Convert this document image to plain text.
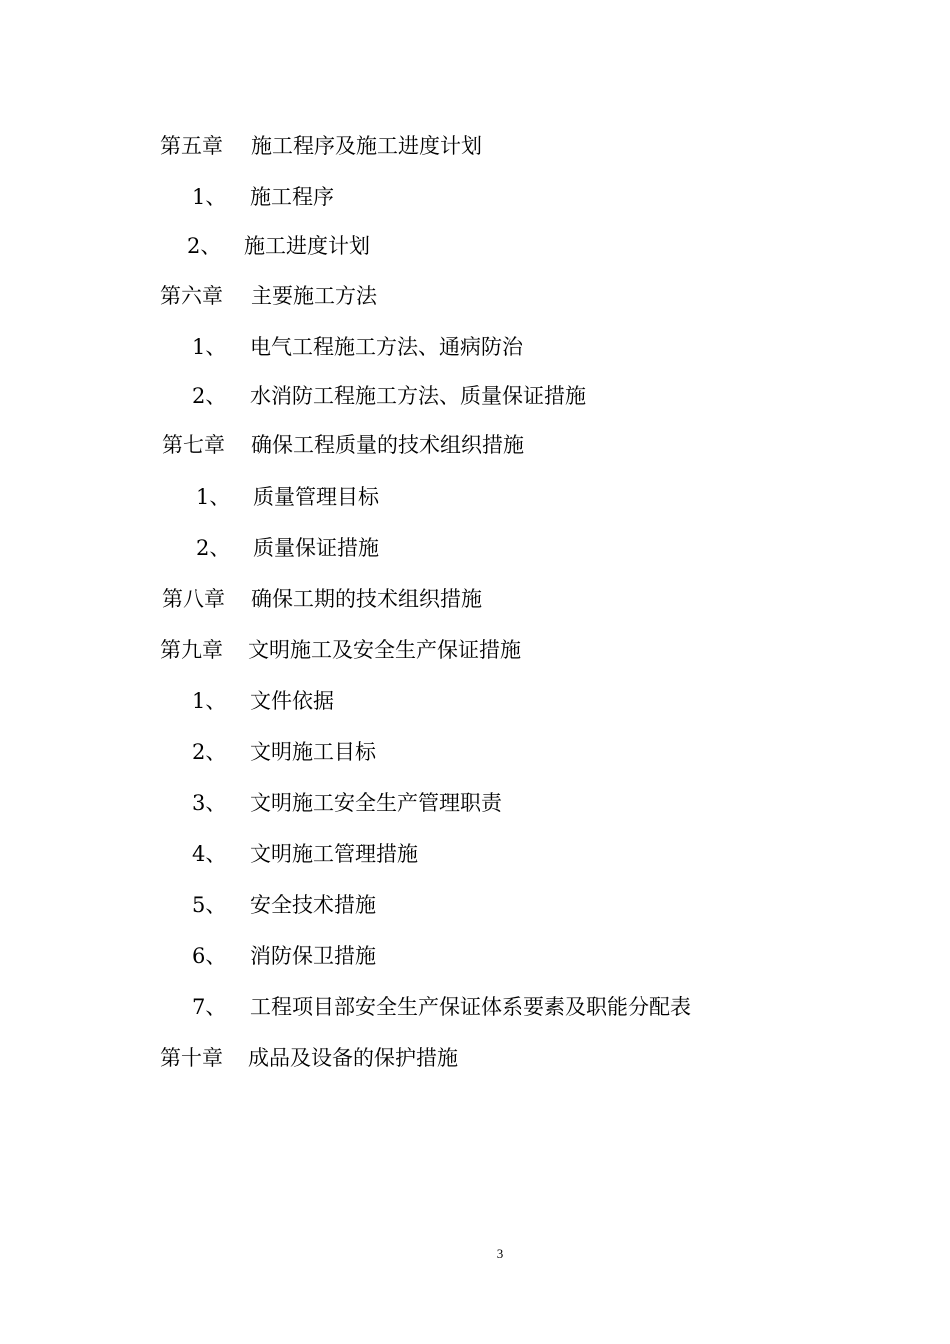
第五章 施工程序及施工进度计划
1、 施工程序
2、 施工进度计划
第六章 主要施工方法
1、 电气工程施工方法、通病防治
2、 水消防工程施工方法、质量保证措施
第七章 确保工程质量的技术组织措施
1、 质量管理目标
2、 质量保证措施
第八章 确保工期的技术组织措施
第九章 文明施工及安全生产保证措施
1、 文件依据
2、 文明施工目标
3、 文明施工安全生产管理职责
4、 文明施工管理措施
5、 安全技术措施
6、 消防保卫措施
7、 工程项目部安全生产保证体系要素及职能分配表
第十章 成品及设备的保护措施
3
